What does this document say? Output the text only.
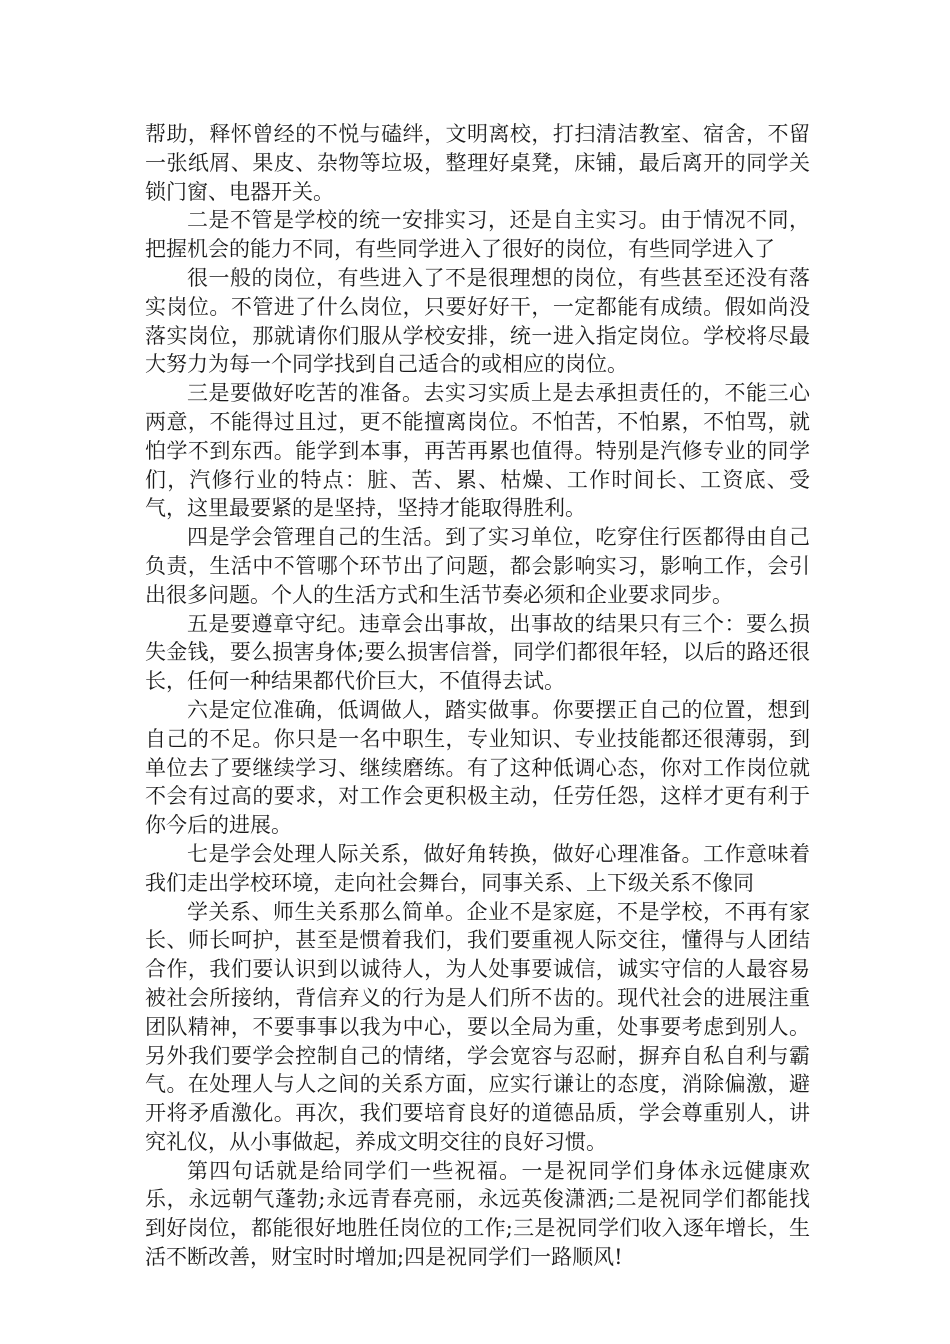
帮助，释怀曾经的不悦与磕绊，文明离校，打扫清洁教室、宿舍，不留一张纸屑、果皮、杂物等垃圾，整理好桌凳，床铺，最后离开的同学关锁门窗、电器开关。

二是不管是学校的统一安排实习，还是自主实习。由于情况不同，把握机会的能力不同，有些同学进入了很好的岗位，有些同学进入了

很一般的岗位，有些进入了不是很理想的岗位，有些甚至还没有落实岗位。不管进了什么岗位，只要好好干，一定都能有成绩。假如尚没落实岗位，那就请你们服从学校安排，统一进入指定岗位。学校将尽最大努力为每一个同学找到自己适合的或相应的岗位。

三是要做好吃苦的准备。去实习实质上是去承担责任的，不能三心两意，不能得过且过，更不能擅离岗位。不怕苦，不怕累，不怕骂，就怕学不到东西。能学到本事，再苦再累也值得。特别是汽修专业的同学们，汽修行业的特点：脏、苦、累、枯燥、工作时间长、工资底、受气，这里最要紧的是坚持，坚持才能取得胜利。

四是学会管理自己的生活。到了实习单位，吃穿住行医都得由自己负责，生活中不管哪个环节出了问题，都会影响实习，影响工作，会引出很多问题。个人的生活方式和生活节奏必须和企业要求同步。

五是要遵章守纪。违章会出事故，出事故的结果只有三个：要么损失金钱，要么损害身体;要么损害信誉，同学们都很年轻，以后的路还很长，任何一种结果都代价巨大，不值得去试。

六是定位准确，低调做人，踏实做事。你要摆正自己的位置，想到自己的不足。你只是一名中职生，专业知识、专业技能都还很薄弱，到单位去了要继续学习、继续磨练。有了这种低调心态，你对工作岗位就不会有过高的要求，对工作会更积极主动，任劳任怨，这样才更有利于你今后的进展。

七是学会处理人际关系，做好角转换，做好心理准备。工作意味着我们走出学校环境，走向社会舞台，同事关系、上下级关系不像同

学关系、师生关系那么简单。企业不是家庭，不是学校，不再有家长、师长呵护，甚至是惯着我们，我们要重视人际交往，懂得与人团结合作，我们要认识到以诚待人，为人处事要诚信，诚实守信的人最容易被社会所接纳，背信弃义的行为是人们所不齿的。现代社会的进展注重团队精神，不要事事以我为中心，要以全局为重，处事要考虑到别人。另外我们要学会控制自己的情绪，学会宽容与忍耐，摒弃自私自利与霸气。在处理人与人之间的关系方面，应实行谦让的态度，消除偏激，避开将矛盾激化。再次，我们要培育良好的道德品质，学会尊重别人，讲究礼仪，从小事做起，养成文明交往的良好习惯。

第四句话就是给同学们一些祝福。一是祝同学们身体永远健康欢乐，永远朝气蓬勃;永远青春亮丽，永远英俊潇洒;二是祝同学们都能找到好岗位，都能很好地胜任岗位的工作;三是祝同学们收入逐年增长，生活不断改善，财宝时时增加;四是祝同学们一路顺风!
